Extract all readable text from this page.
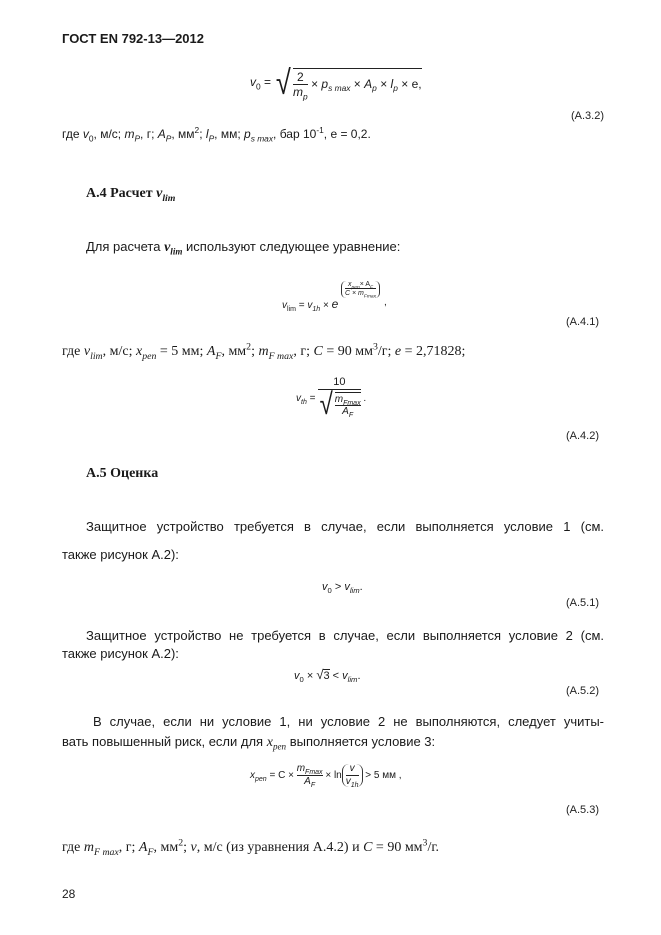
ГОСТ EN 792-13—2012
$v_0$ = √ $\frac{2}{m_p} \times p_{s max} \times A_p \times l_p \times e$,
(А.3.2)
где $v_0$, м/с; $m_P$, г; $A_P$, $мм^2$; $l_P$, мм; $p_{s max}$, бар $10^{-1}$, e = 0,2.
А.4 Расчет $v_{lim}$
Для расчета $v_{lim}$ используют следующее уравнение:
$v_{lim} = v_{1h} \times e$
$\frac{x_{pen}\times A_F}{C \times m_{Fmax}}$
,
(А.4.1)
где $v_{lim}$, м/с; $x_{pen} = 5$ мм; $A_F$, $мм^2$; $m_{F max}$, г; C = 90 $мм^3/г$; e = 2,71828;
$v_{th} = \frac{10}{√ \frac{m_{Fmax}}{A_F}}$ .
(А.4.2)
А.5 Оценка
Защитное устройство требуется в случае, если выполняется условие 1 (см.
также рисунок А.2):
$v_0 > v_{lim}$.
(А.5.1)
Защитное устройство не требуется в случае, если выполняется условие 2 (см.
также рисунок А.2):
$v_0 \times √3 < v_{lim}$.
(А.5.2)
В случае, если ни условие 1, ни условие 2 не выполняются, следует учиты-
вать повышенный риск, если для $x_{pen}$ выполняется условие 3:
$x_{pen} = C \times \frac{m_{Fmax}}{A_F} \times \ln \frac{v}{v_{1h}} > 5$ мм ,
(А.5.3)
где $m_{F max}$, г; $A_F$, $мм^2$; v, м/с (из уравнения А.4.2) и C = 90 $мм^3/г$.
28
